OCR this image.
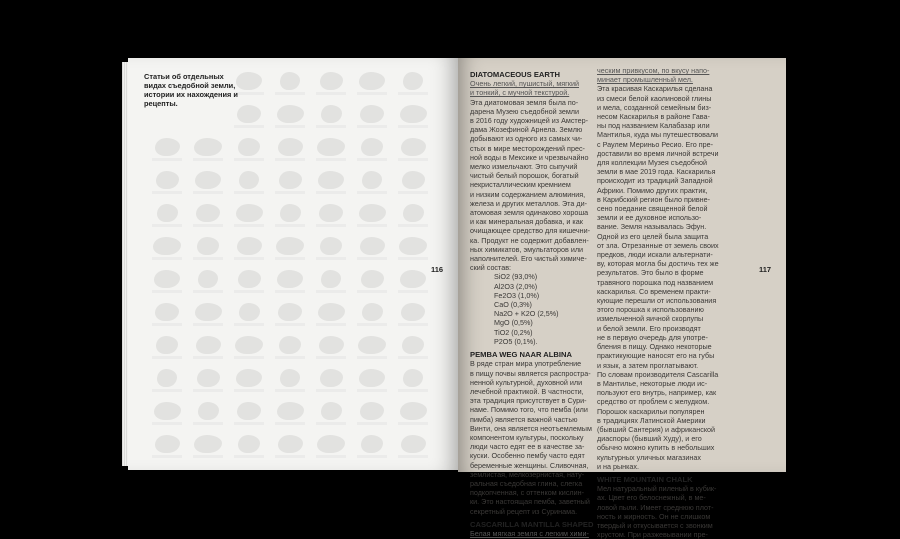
Статьи об отдельных видах съедобной земли, истории их нахождения и рецепты.

116

DIATOMACEOUS EARTH

Очень легкий, пушистый, мягкий

и тонкий, с мучной текстурой.

Эта диатомовая земля была по-

дарена Музею съедобной земли

в 2016 году художницей из Амстер-

дама Жозефиной Арнела. Землю

добывают из одного из самых чи-

стых в мире месторождений прес-

ной воды в Мексике и чрезвычайно

мелко измельчают. Это сыпучий

чистый белый порошок, богатый

некристаллическим кремнием

и низким содержанием алюминия,

железа и других металлов. Эта ди-

атомовая земля одинаково хороша

и как минеральная добавка, и как

очищающее средство для кишечни-

ка. Продукт не содержит добавлен-

ных химикатов, эмульгаторов или

наполнителей. Его чистый химиче-

ский состав:

SiO2 (93,0%)

Al2O3 (2,0%)

Fe2O3 (1,0%)

CaO (0,3%)

Na2O + K2O (2,5%)

MgO (0,5%)

TiO2 (0,2%)

P2O5 (0,1%).

PEMBA WEG NAAR ALBINA

В ряде стран мира употребление

в пищу почвы является распростра-

ненной культурной, духовной или

лечебной практикой. В частности,

эта традиция присутствует в Сури-

наме. Помимо того, что пемба (или

пимба) является важной частью

Винти, она является неотъемлемым

компонентом культуры, поскольку

люди часто едят ее в качестве за-

куски. Особенно пембу часто едят

беременные женщины. Сливочная,

землистая, мелкозернистая, нату-

ральная съедобная глина, слегка

подкопченная, с оттенком кислин-

ки. Это настоящая пемба, заветный

секретный рецепт из Суринама.

CASCARILLA MANTILLA SHAPED

Белая мягкая земля с легким хими-

ческим привкусом, по вкусу напо-

минает промышленный мел.

Эта красивая Каскарилья сделана

из смеси белой каолиновой глины

и мела, созданной семейным биз-

несом Каскарилья в районе Гава-

ны под названием Калабазар или

Мантилья, куда мы путешествовали

с Раулем Мериньо Ресио. Его пре-

доставили во время личной встречи

для коллекции Музея съедобной

земли в мае 2019 года. Каскарилья

происходит из традиций Западной

Африки. Помимо других практик,

в Карибский регион было привне-

сено поедание священной белой

земли и ее духовное использо-

вание. Земля называлась Эфун.

Одной из его целей была защита

от зла. Отрезанные от земель своих

предков, люди искали альтернати-

ву, которая могла бы достичь тех же

результатов. Это было в форме

травяного порошка под названием

каскарилья. Со временем практи-

кующие перешли от использования

этого порошка к использованию

измельченной яичной скорлупы

и белой земли. Его производят

не в первую очередь для употре-

бления в пищу. Однако некоторые

практикующие наносят его на губы

и язык, а затем проглатывают.

По словам производителя Cascarilla

в Мантилье, некоторые люди ис-

пользуют его внутрь, например, как

средство от проблем с желудком.

Порошок каскарильи популярен

в традициях Латинской Америки

(бывший Сантерия) и африканской

диаспоры (бывший Худу), и его

обычно можно купить в небольших

культурных уличных магазинах

и на рынках.

WHITE MOUNTAIN CHALK

Мел натуральный пиленый в кубик-

ах. Цвет его белоснежный, в ме-

ловой пыли. Имеет среднюю плот-

ность и жирность. Он не слишком

твердый и откусывается с звонким

хрустом. При разжевывании пре-

117
